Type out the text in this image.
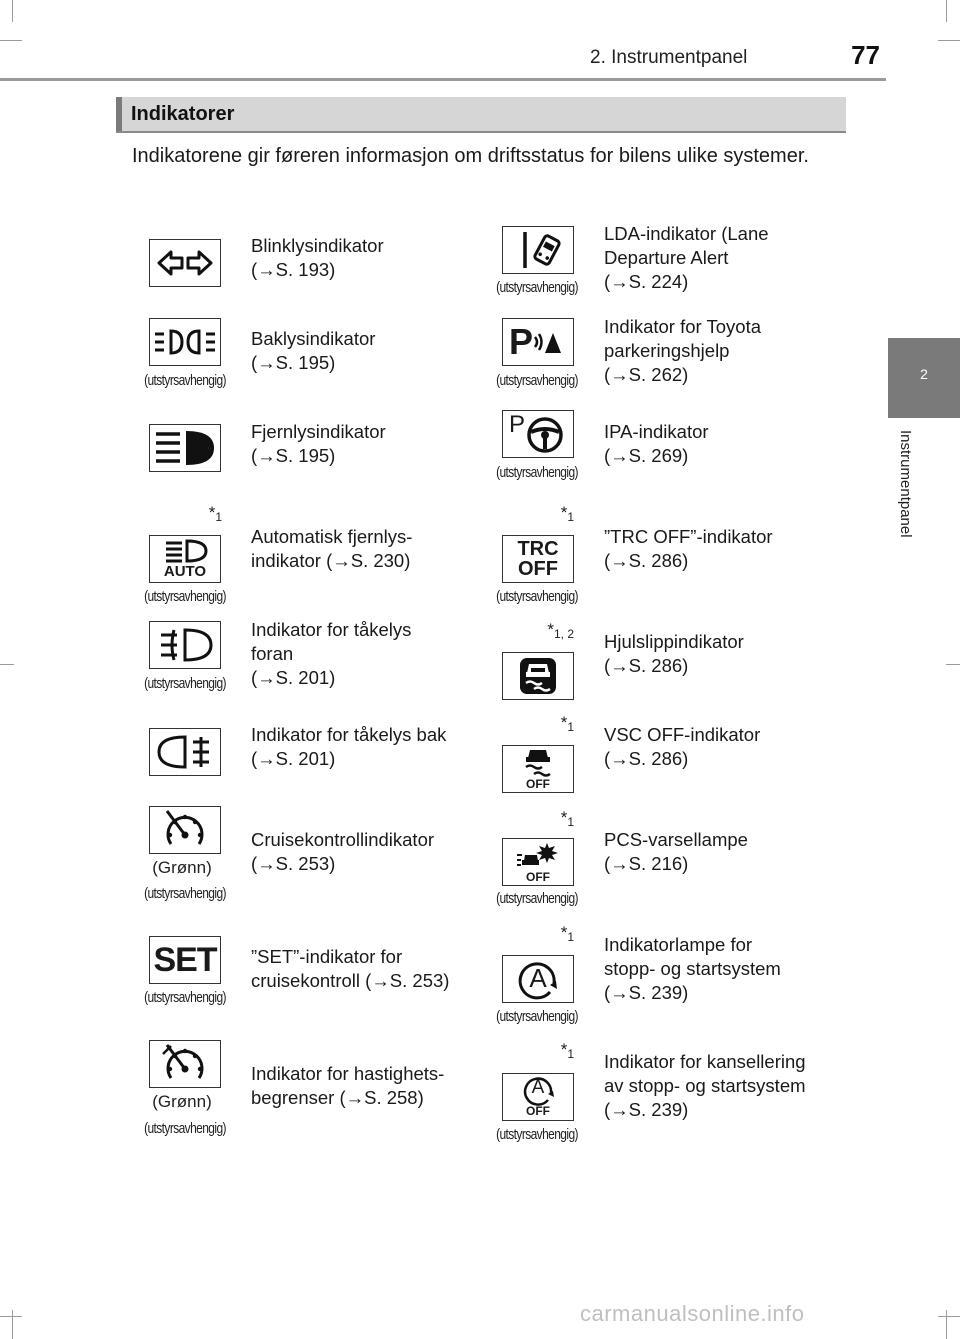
2. Instrumentpanel	77
2
Instrumentpanel
Indikatorer
Indikatorene gir føreren informasjon om driftsstatus for bilens ulike systemer.
Blinklysindikator
(→S. 193)
(utstyrsavhengig)
Baklysindikator
(→S. 195)
Fjernlysindikator
(→S. 195)
$*_1$
AUTO
(utstyrsavhengig)
Automatisk fjernlys-
indikator (→S. 230)
(utstyrsavhengig)
Indikator for tåkelys
foran
(→S. 201)
Indikator for tåkelys bak
(→S. 201)
(Grønn)
(utstyrsavhengig)
Cruisekontrollindikator
(→S. 253)
SET
(utstyrsavhengig)
”SET”-indikator for
cruisekontroll (→S. 253)
(Grønn)
(utstyrsavhengig)
Indikator for hastighets-
begrenser (→S. 258)
(utstyrsavhengig)
LDA-indikator (Lane
Departure Alert
(→S. 224)
P
(utstyrsavhengig)
Indikator for Toyota
parkeringshjelp
(→S. 262)
P
(utstyrsavhengig)
IPA-indikator
(→S. 269)
$*_1$
TRC
OFF
(utstyrsavhengig)
”TRC OFF”-indikator
(→S. 286)
$*_{1, 2}$ Hjulslippindikator
(→S. 286)
$*_1$
OFF
VSC OFF-indikator
(→S. 286)
$*_1$
OFF
(utstyrsavhengig)
PCS-varsellampe
(→S. 216)
$*_1$
A
(utstyrsavhengig)
Indikatorlampe for
stopp- og startsystem
(→S. 239)
$*_1$
A
OFF
(utstyrsavhengig)
Indikator for kansellering
av stopp- og startsystem
(→S. 239)
carmanualsonline.info
